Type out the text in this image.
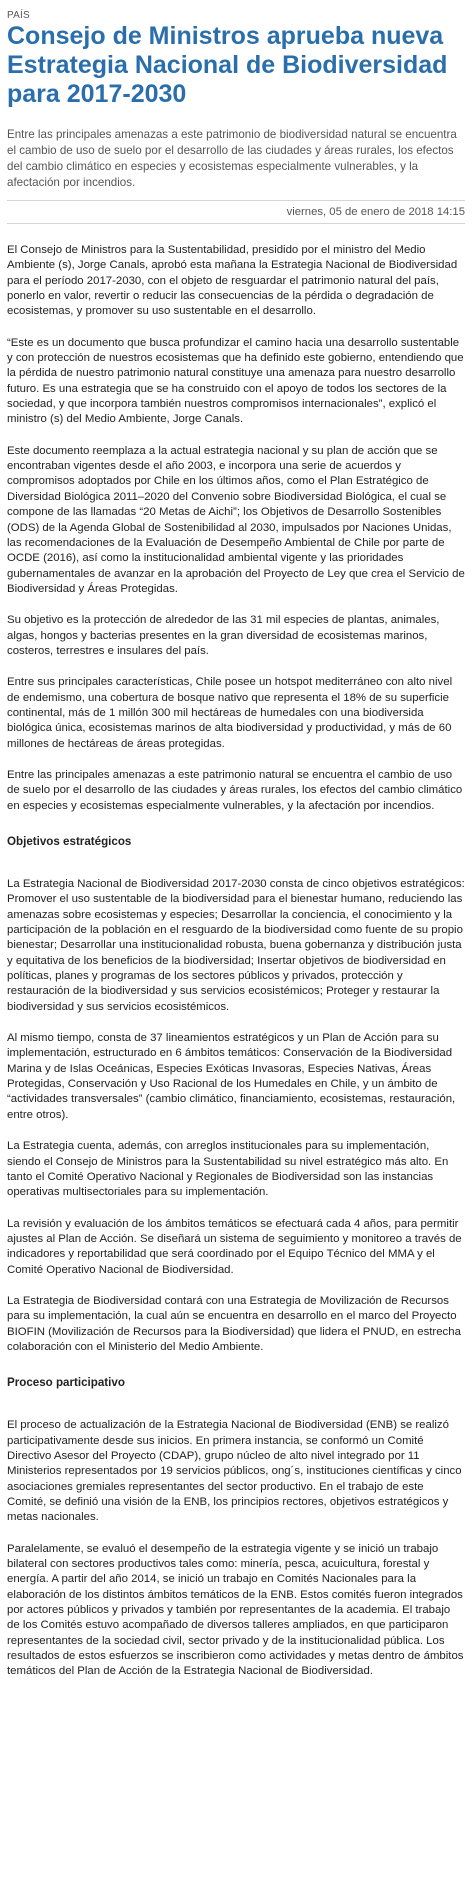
PAÍS
Consejo de Ministros aprueba nueva Estrategia Nacional de Biodiversidad para 2017-2030
Entre las principales amenazas a este patrimonio de biodiversidad natural se encuentra el cambio de uso de suelo por el desarrollo de las ciudades y áreas rurales, los efectos del cambio climático en especies y ecosistemas especialmente vulnerables, y la afectación por incendios.
viernes, 05 de enero de 2018 14:15

El Consejo de Ministros para la Sustentabilidad, presidido por el ministro del Medio Ambiente (s), Jorge Canals, aprobó esta mañana la Estrategia Nacional de Biodiversidad para el período 2017-2030, con el objeto de resguardar el patrimonio natural del país, ponerlo en valor, revertir o reducir las consecuencias de la pérdida o degradación de ecosistemas, y promover su uso sustentable en el desarrollo.

“Este es un documento que busca profundizar el camino hacia una desarrollo sustentable y con protección de nuestros ecosistemas que ha definido este gobierno, entendiendo que la pérdida de nuestro patrimonio natural constituye una amenaza para nuestro desarrollo futuro. Es una estrategia que se ha construido con el apoyo de todos los sectores de la sociedad, y que incorpora también nuestros compromisos internacionales”, explicó el ministro (s) del Medio Ambiente, Jorge Canals.

Este documento reemplaza a la actual estrategia nacional y su plan de acción que se encontraban vigentes desde el año 2003, e incorpora una serie de acuerdos y compromisos adoptados por Chile en los últimos años, como el Plan Estratégico de Diversidad Biológica 2011–2020 del Convenio sobre Biodiversidad Biológica, el cual se compone de las llamadas “20 Metas de Aichi”; los Objetivos de Desarrollo Sostenibles (ODS) de la Agenda Global de Sostenibilidad al 2030, impulsados por Naciones Unidas, las recomendaciones de la Evaluación de Desempeño Ambiental de Chile por parte de OCDE (2016), así como la institucionalidad ambiental vigente y las prioridades gubernamentales de avanzar en la aprobación del Proyecto de Ley que crea el Servicio de Biodiversidad y Áreas Protegidas.

Su objetivo es la protección de alrededor de las 31 mil especies de plantas, animales, algas, hongos y bacterias presentes en la gran diversidad de ecosistemas marinos, costeros, terrestres e insulares del país.

Entre sus principales características, Chile posee un hotspot mediterráneo con alto nivel de endemismo, una cobertura de bosque nativo que representa el 18% de su superficie continental, más de 1 millón 300 mil hectáreas de humedales con una biodiversida biológica única, ecosistemas marinos de alta biodiversidad y productividad, y más de 60 millones de hectáreas de áreas protegidas.

Entre las principales amenazas a este patrimonio natural se encuentra el cambio de uso de suelo por el desarrollo de las ciudades y áreas rurales, los efectos del cambio climático en especies y ecosistemas especialmente vulnerables, y la afectación por incendios.

Objetivos estratégicos

La Estrategia Nacional de Biodiversidad 2017-2030 consta de cinco objetivos estratégicos: Promover el uso sustentable de la biodiversidad para el bienestar humano, reduciendo las amenazas sobre ecosistemas y especies; Desarrollar la conciencia, el conocimiento y la participación de la población en el resguardo de la biodiversidad como fuente de su propio bienestar; Desarrollar una institucionalidad robusta, buena gobernanza y distribución justa y equitativa de los beneficios de la biodiversidad; Insertar objetivos de biodiversidad en políticas, planes y programas de los sectores públicos y privados, protección y restauración de la biodiversidad y sus servicios ecosistémicos; Proteger y restaurar la biodiversidad y sus servicios ecosistémicos.

Al mismo tiempo, consta de 37 lineamientos estratégicos y un Plan de Acción para su implementación, estructurado en 6 ámbitos temáticos: Conservación de la Biodiversidad Marina y de Islas Oceánicas, Especies Exóticas Invasoras, Especies Nativas, Áreas Protegidas, Conservación y Uso Racional de los Humedales en Chile, y un ámbito de “actividades transversales” (cambio climático, financiamiento, ecosistemas, restauración, entre otros).

La Estrategia cuenta, además, con arreglos institucionales para su implementación, siendo el Consejo de Ministros para la Sustentabilidad su nivel estratégico más alto. En tanto el Comité Operativo Nacional y Regionales de Biodiversidad son las instancias operativas multisectoriales para su implementación.

La revisión y evaluación de los ámbitos temáticos se efectuará cada 4 años, para permitir ajustes al Plan de Acción. Se diseñará un sistema de seguimiento y monitoreo a través de indicadores y reportabilidad que será coordinado por el Equipo Técnico del MMA y el Comité Operativo Nacional de Biodiversidad.

La Estrategia de Biodiversidad contará con una Estrategia de Movilización de Recursos para su implementación, la cual aún se encuentra en desarrollo en el marco del Proyecto BIOFIN (Movilización de Recursos para la Biodiversidad) que lidera el PNUD, en estrecha colaboración con el Ministerio del Medio Ambiente.

Proceso participativo

El proceso de actualización de la Estrategia Nacional de Biodiversidad (ENB) se realizó participativamente desde sus inicios. En primera instancia, se conformó un Comité Directivo Asesor del Proyecto (CDAP), grupo núcleo de alto nivel integrado por 11 Ministerios representados por 19 servicios públicos, ong´s, instituciones científicas y cinco asociaciones gremiales representantes del sector productivo. En el trabajo de este Comité, se definió una visión de la ENB, los principios rectores, objetivos estratégicos y metas nacionales.

Paralelamente, se evaluó el desempeño de la estrategia vigente y se inició un trabajo bilateral con sectores productivos tales como: minería, pesca, acuicultura, forestal y energía. A partir del año 2014, se inició un trabajo en Comités Nacionales para la elaboración de los distintos ámbitos temáticos de la ENB. Estos comités fueron integrados por actores públicos y privados y también por representantes de la academia. El trabajo de los Comités estuvo acompañado de diversos talleres ampliados, en que participaron representantes de la sociedad civil, sector privado y de la institucionalidad pública. Los resultados de estos esfuerzos se inscribieron como actividades y metas dentro de ámbitos temáticos del Plan de Acción de la Estrategia Nacional de Biodiversidad.
